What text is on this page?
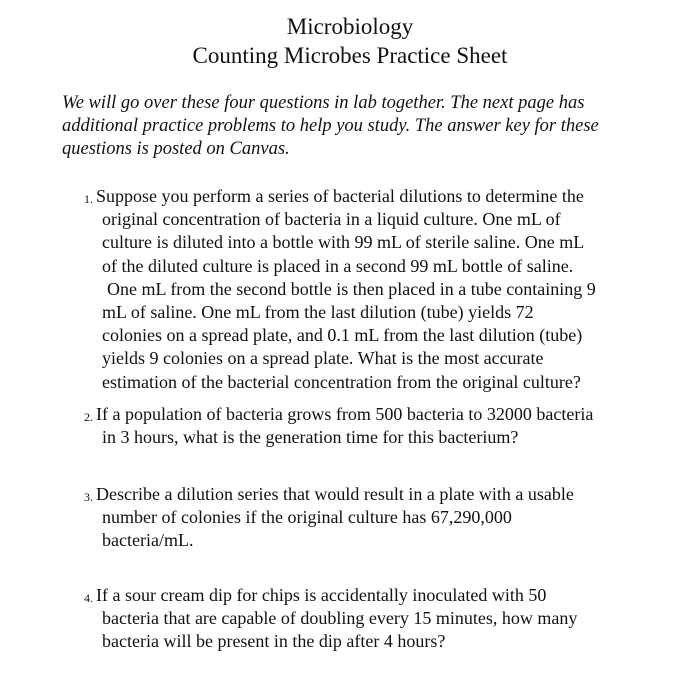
Microbiology
Counting Microbes Practice Sheet

We will go over these four questions in lab together. The next page has
additional practice problems to help you study. The answer key for these
questions is posted on Canvas.

1. Suppose you perform a series of bacterial dilutions to determine the
original concentration of bacteria in a liquid culture. One mL of
culture is diluted into a bottle with 99 mL of sterile saline. One mL
of the diluted culture is placed in a second 99 mL bottle of saline.
One mL from the second bottle is then placed in a tube containing 9
mL of saline. One mL from the last dilution (tube) yields 72
colonies on a spread plate, and 0.1 mL from the last dilution (tube)
yields 9 colonies on a spread plate. What is the most accurate
estimation of the bacterial concentration from the original culture?
2. If a population of bacteria grows from 500 bacteria to 32000 bacteria
in 3 hours, what is the generation time for this bacterium?
3. Describe a dilution series that would result in a plate with a usable
number of colonies if the original culture has 67,290,000
bacteria/mL.
4. If a sour cream dip for chips is accidentally inoculated with 50
bacteria that are capable of doubling every 15 minutes, how many
bacteria will be present in the dip after 4 hours?
